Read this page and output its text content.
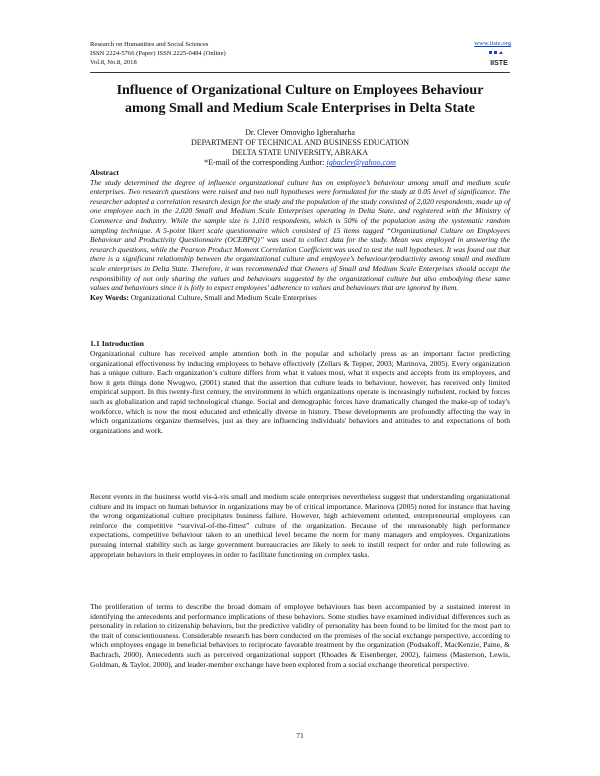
Research on Humanities and Social Sciences
ISSN 2224-5766 (Paper) ISSN 2225-0484 (Online)
Vol.8, No.8, 2018
www.iiste.org
IISTE
Influence of Organizational Culture on Employees Behaviour
among Small and Medium Scale Enterprises in Delta State
Dr. Clever Omovigho Igberaharha
DEPARTMENT OF TECHNICAL AND BUSINESS EDUCATION
DELTA STATE UNIVERSITY, ABRAKA
*E-mail of the corresponding Author: igbaclev@yahoo.com
Abstract
The study determined the degree of influence organizational culture has on employee’s behaviour among small and medium scale enterprises. Two research questions were raised and two null hypotheses were formulated for the study at 0.05 level of significance. The researcher adopted a correlation research design for the study and the population of the study consisted of 2,020 respondents, made up of one employee each in the 2,020 Small and Medium Scale Enterprises operating in Delta State, and registered with the Ministry of Commerce and Industry. While the sample size is 1,010 respondents, which is 50% of the population using the systematic random sampling technique. A 5-point likert scale questionnaire which consisted of 15 items tagged “Organizational Culture on Employees Behaviour and Productivity Questionnaire (OCEBPQ)” was used to collect data for the study. Mean was employed in answering the research questions, while the Pearson Product Moment Correlation Coefficient was used to test the null hypotheses. It was found out that there is a significant relationship between the organizational culture and employee’s behaviour/productivity among small and medium scale enterprises in Delta State. Therefore, it was recommended that Owners of Small and Medium Scale Enterprises should accept the responsibility of not only sharing the values and behaviours suggested by the organizational culture but also embodying these same values and behaviours since it is folly to expect employees’ adherence to values and behaviours that are ignored by them.
Key Words: Organizational Culture, Small and Medium Scale Enterprises
1.1 Introduction
Organizational culture has received ample attention both in the popular and scholarly press as an important factor predicting organizational effectiveness by inducing employees to behave effectively (Zellars & Tepper, 2003; Marinova, 2005). Every organization has a unique culture. Each organization’s culture differs from what it values most, what it expects and accepts from its employees, and how it gets things done Nwugwo, (2001) stated that the assertion that culture leads to behaviour, however, has received only limited empirical support. In this twenty-first century, the environment in which organizations operate is increasingly turbulent, rocked by forces such as globalization and rapid technological change. Social and demographic forces have dramatically changed the make-up of today's workforce, which is now the most educated and ethnically diverse in history. These developments are profoundly affecting the way in which organizations organize themselves, just as they are influencing individuals' behaviors and attitudes to and expectations of both organizations and work.
Recent events in the business world vis-à-vis small and medium scale enterprises nevertheless suggest that understanding organizational culture and its impact on human behavior in organizations may be of critical importance. Marinova (2005) noted for instance that having the wrong organizational culture precipitates business failure. However, high achievement oriented, entrepreneurial employees can reinforce the competitive “survival-of-the-fittest” culture of the organization. Because of the unreasonably high performance expectations, competitive behaviour taken to an unethical level became the norm for many managers and employees. Organizations pursuing internal stability such as large government bureaucracies are likely to seek to instill respect for order and rule following as appropriate behaviors in their employees in order to facilitate functioning on complex tasks.
The proliferation of terms to describe the broad domain of employee behaviours has been accompanied by a sustained interest in identifying the antecedents and performance implications of these behaviors. Some studies have examined individual differences such as personality in relation to citizenship behaviors, but the predictive validity of personality has been found to be limited for the most part to the trait of conscientiousness. Considerable research has been conducted on the premises of the social exchange perspective, according to which employees engage in beneficial behaviors to reciprocate favorable treatment by the organization (Podsakoff, MacKenzie, Paine, & Bachrach, 2000). Antecedents such as perceived organizational support (Rhoades & Eisenberger, 2002), fairness (Masterson, Lewis, Goldman, & Taylor, 2000), and leader-member exchange have been explored from a social exchange theoretical perspective.
71
